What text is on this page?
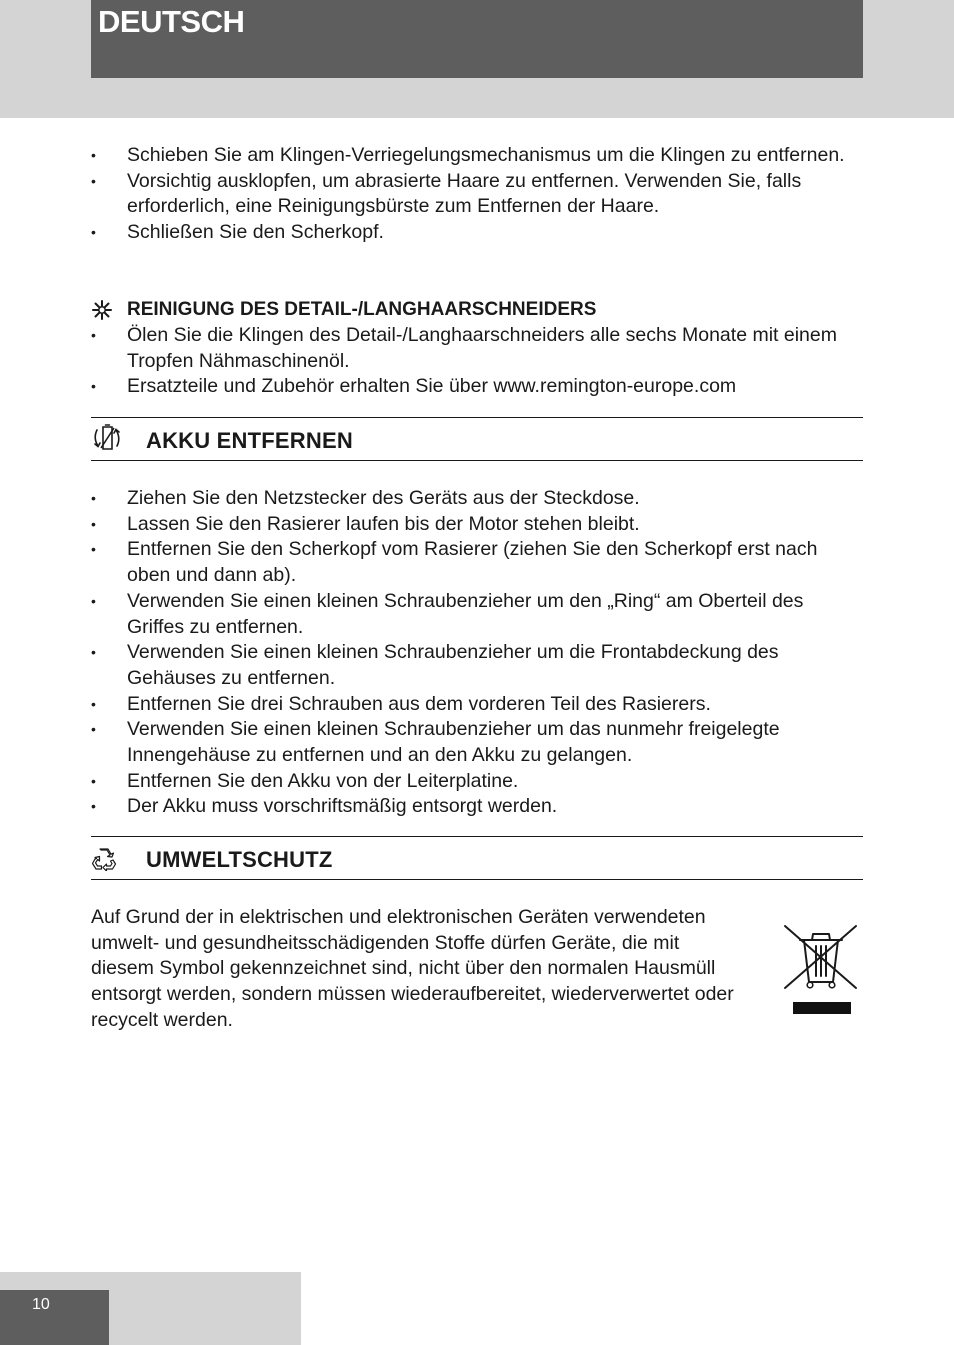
DEUTSCH
• Schieben Sie am Klingen-Verriegelungsmechanismus um die Klingen zu entfernen.
• Vorsichtig ausklopfen, um abrasierte Haare zu entfernen. Verwenden Sie, falls erforderlich, eine Reinigungsbürste zum Entfernen der Haare.
• Schließen Sie den Scherkopf.
REINIGUNG DES DETAIL-/LANGHAARSCHNEIDERS
• Ölen Sie die Klingen des Detail-/Langhaarschneiders alle sechs Monate mit einem Tropfen Nähmaschinenöl.
• Ersatzteile und Zubehör erhalten Sie über www.remington-europe.com
AKKU ENTFERNEN
• Ziehen Sie den Netzstecker des Geräts aus der Steckdose.
• Lassen Sie den Rasierer laufen bis der Motor stehen bleibt.
• Entfernen Sie den Scherkopf vom Rasierer (ziehen Sie den Scherkopf erst nach oben und dann ab).
• Verwenden Sie einen kleinen Schraubenzieher um den „Ring“ am Oberteil des Griffes zu entfernen.
• Verwenden Sie einen kleinen Schraubenzieher um die Frontabdeckung des Gehäuses zu entfernen.
• Entfernen Sie drei Schrauben aus dem vorderen Teil des Rasierers.
• Verwenden Sie einen kleinen Schraubenzieher um das nunmehr freigelegte Innengehäuse zu entfernen und an den Akku zu gelangen.
• Entfernen Sie den Akku von der Leiterplatine.
• Der Akku muss vorschriftsmäßig entsorgt werden.
UMWELTSCHUTZ

Auf Grund der in elektrischen und elektronischen Geräten verwendeten umwelt- und gesundheitsschädigenden Stoffe dürfen Geräte, die mit diesem Symbol gekennzeichnet sind, nicht über den normalen Hausmüll entsorgt werden, sondern müssen wiederaufbereitet, wiederverwertet oder recycelt werden.

10
